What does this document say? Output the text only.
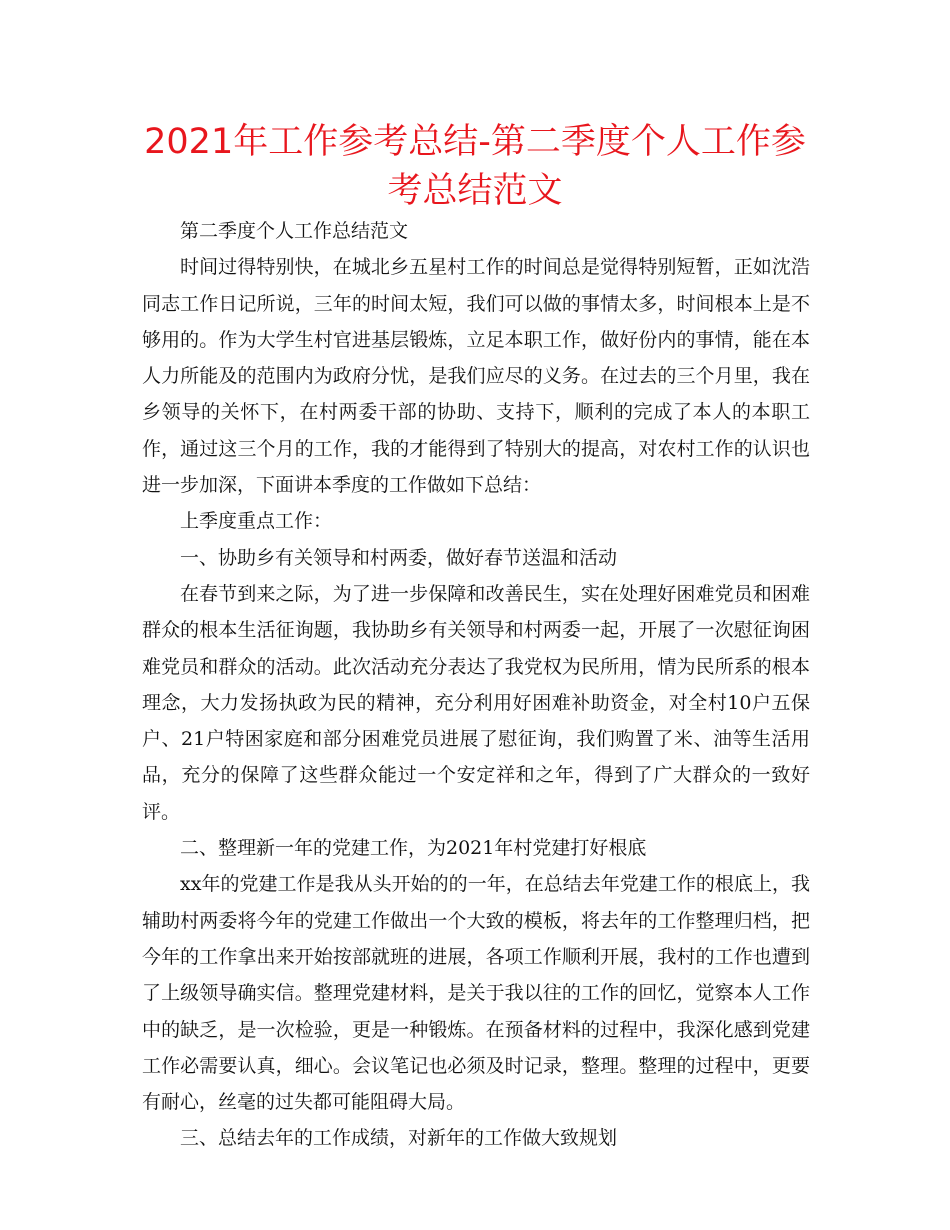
2021年工作参考总结-第二季度个人工作参考总结范文

第二季度个人工作总结范文

时间过得特别快，在城北乡五星村工作的时间总是觉得特别短暂，正如沈浩同志工作日记所说，三年的时间太短，我们可以做的事情太多，时间根本上是不够用的。作为大学生村官进基层锻炼，立足本职工作，做好份内的事情，能在本人力所能及的范围内为政府分忧，是我们应尽的义务。在过去的三个月里，我在乡领导的关怀下，在村两委干部的协助、支持下，顺利的完成了本人的本职工作，通过这三个月的工作，我的才能得到了特别大的提高，对农村工作的认识也进一步加深，下面讲本季度的工作做如下总结：

上季度重点工作：

一、协助乡有关领导和村两委，做好春节送温和活动

在春节到来之际，为了进一步保障和改善民生，实在处理好困难党员和困难群众的根本生活征询题，我协助乡有关领导和村两委一起，开展了一次慰征询困难党员和群众的活动。此次活动充分表达了我党权为民所用，情为民所系的根本理念，大力发扬执政为民的精神，充分利用好困难补助资金，对全村10户五保户、21户特困家庭和部分困难党员进展了慰征询，我们购置了米、油等生活用品，充分的保障了这些群众能过一个安定祥和之年，得到了广大群众的一致好评。

二、整理新一年的党建工作，为2021年村党建打好根底

xx年的党建工作是我从头开始的的一年，在总结去年党建工作的根底上，我辅助村两委将今年的党建工作做出一个大致的模板，将去年的工作整理归档，把今年的工作拿出来开始按部就班的进展，各项工作顺利开展，我村的工作也遭到了上级领导确实信。整理党建材料，是关于我以往的工作的回忆，觉察本人工作中的缺乏，是一次检验，更是一种锻炼。在预备材料的过程中，我深化感到党建工作必需要认真，细心。会议笔记也必须及时记录，整理。整理的过程中，更要有耐心，丝毫的过失都可能阻碍大局。

三、总结去年的工作成绩，对新年的工作做大致规划
